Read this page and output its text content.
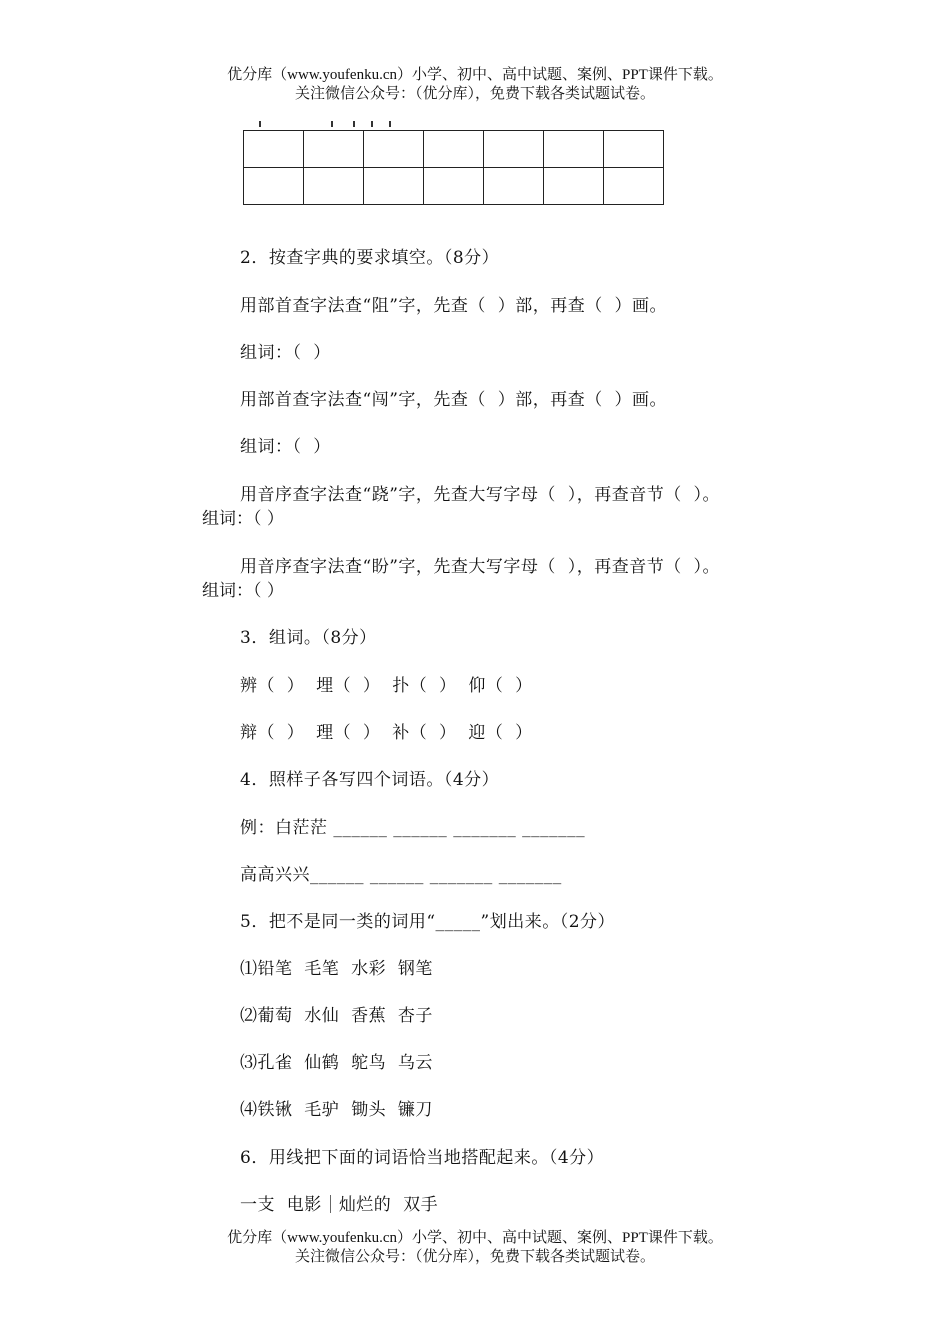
优分库（www.youfenku.cn）小学、初中、高中试题、案例、PPT课件下载。
关注微信公众号：（优分库），免费下载各类试题试卷。

2．按查字典的要求填空。（8分）
用部首查字法查“阻”字，先查（  ）部，再查（  ）画。
组词：（  ）
用部首查字法查“闯”字，先查（  ）部，再查（  ）画。
组词：（  ）

用音序查字法查“跷”字，先查大写字母（  ），再查音节（  ）。

组词：（ ）

用音序查字法查“盼”字，先查大写字母（  ），再查音节（  ）。

组词：（ ）
3．组词。（8分）
辨（  ）  埋（  ）  扑（  ）  仰（  ）
辩（  ）  理（  ）  补（  ）  迎（  ）
4．照样子各写四个词语。（4分）
例：白茫茫 ______ ______ _______ _______
高高兴兴______ ______ _______ _______
5．把不是同一类的词用“_____”划出来。（2分）
⑴铅笔  毛笔  水彩  钢笔
⑵葡萄  水仙  香蕉  杏子
⑶孔雀  仙鹤  鸵鸟  乌云
⑷铁锹  毛驴  锄头  镰刀
6．用线把下面的词语恰当地搭配起来。（4分）
一支  电影 灿烂的  双手
优分库（www.youfenku.cn）小学、初中、高中试题、案例、PPT课件下载。
关注微信公众号：（优分库），免费下载各类试题试卷。
